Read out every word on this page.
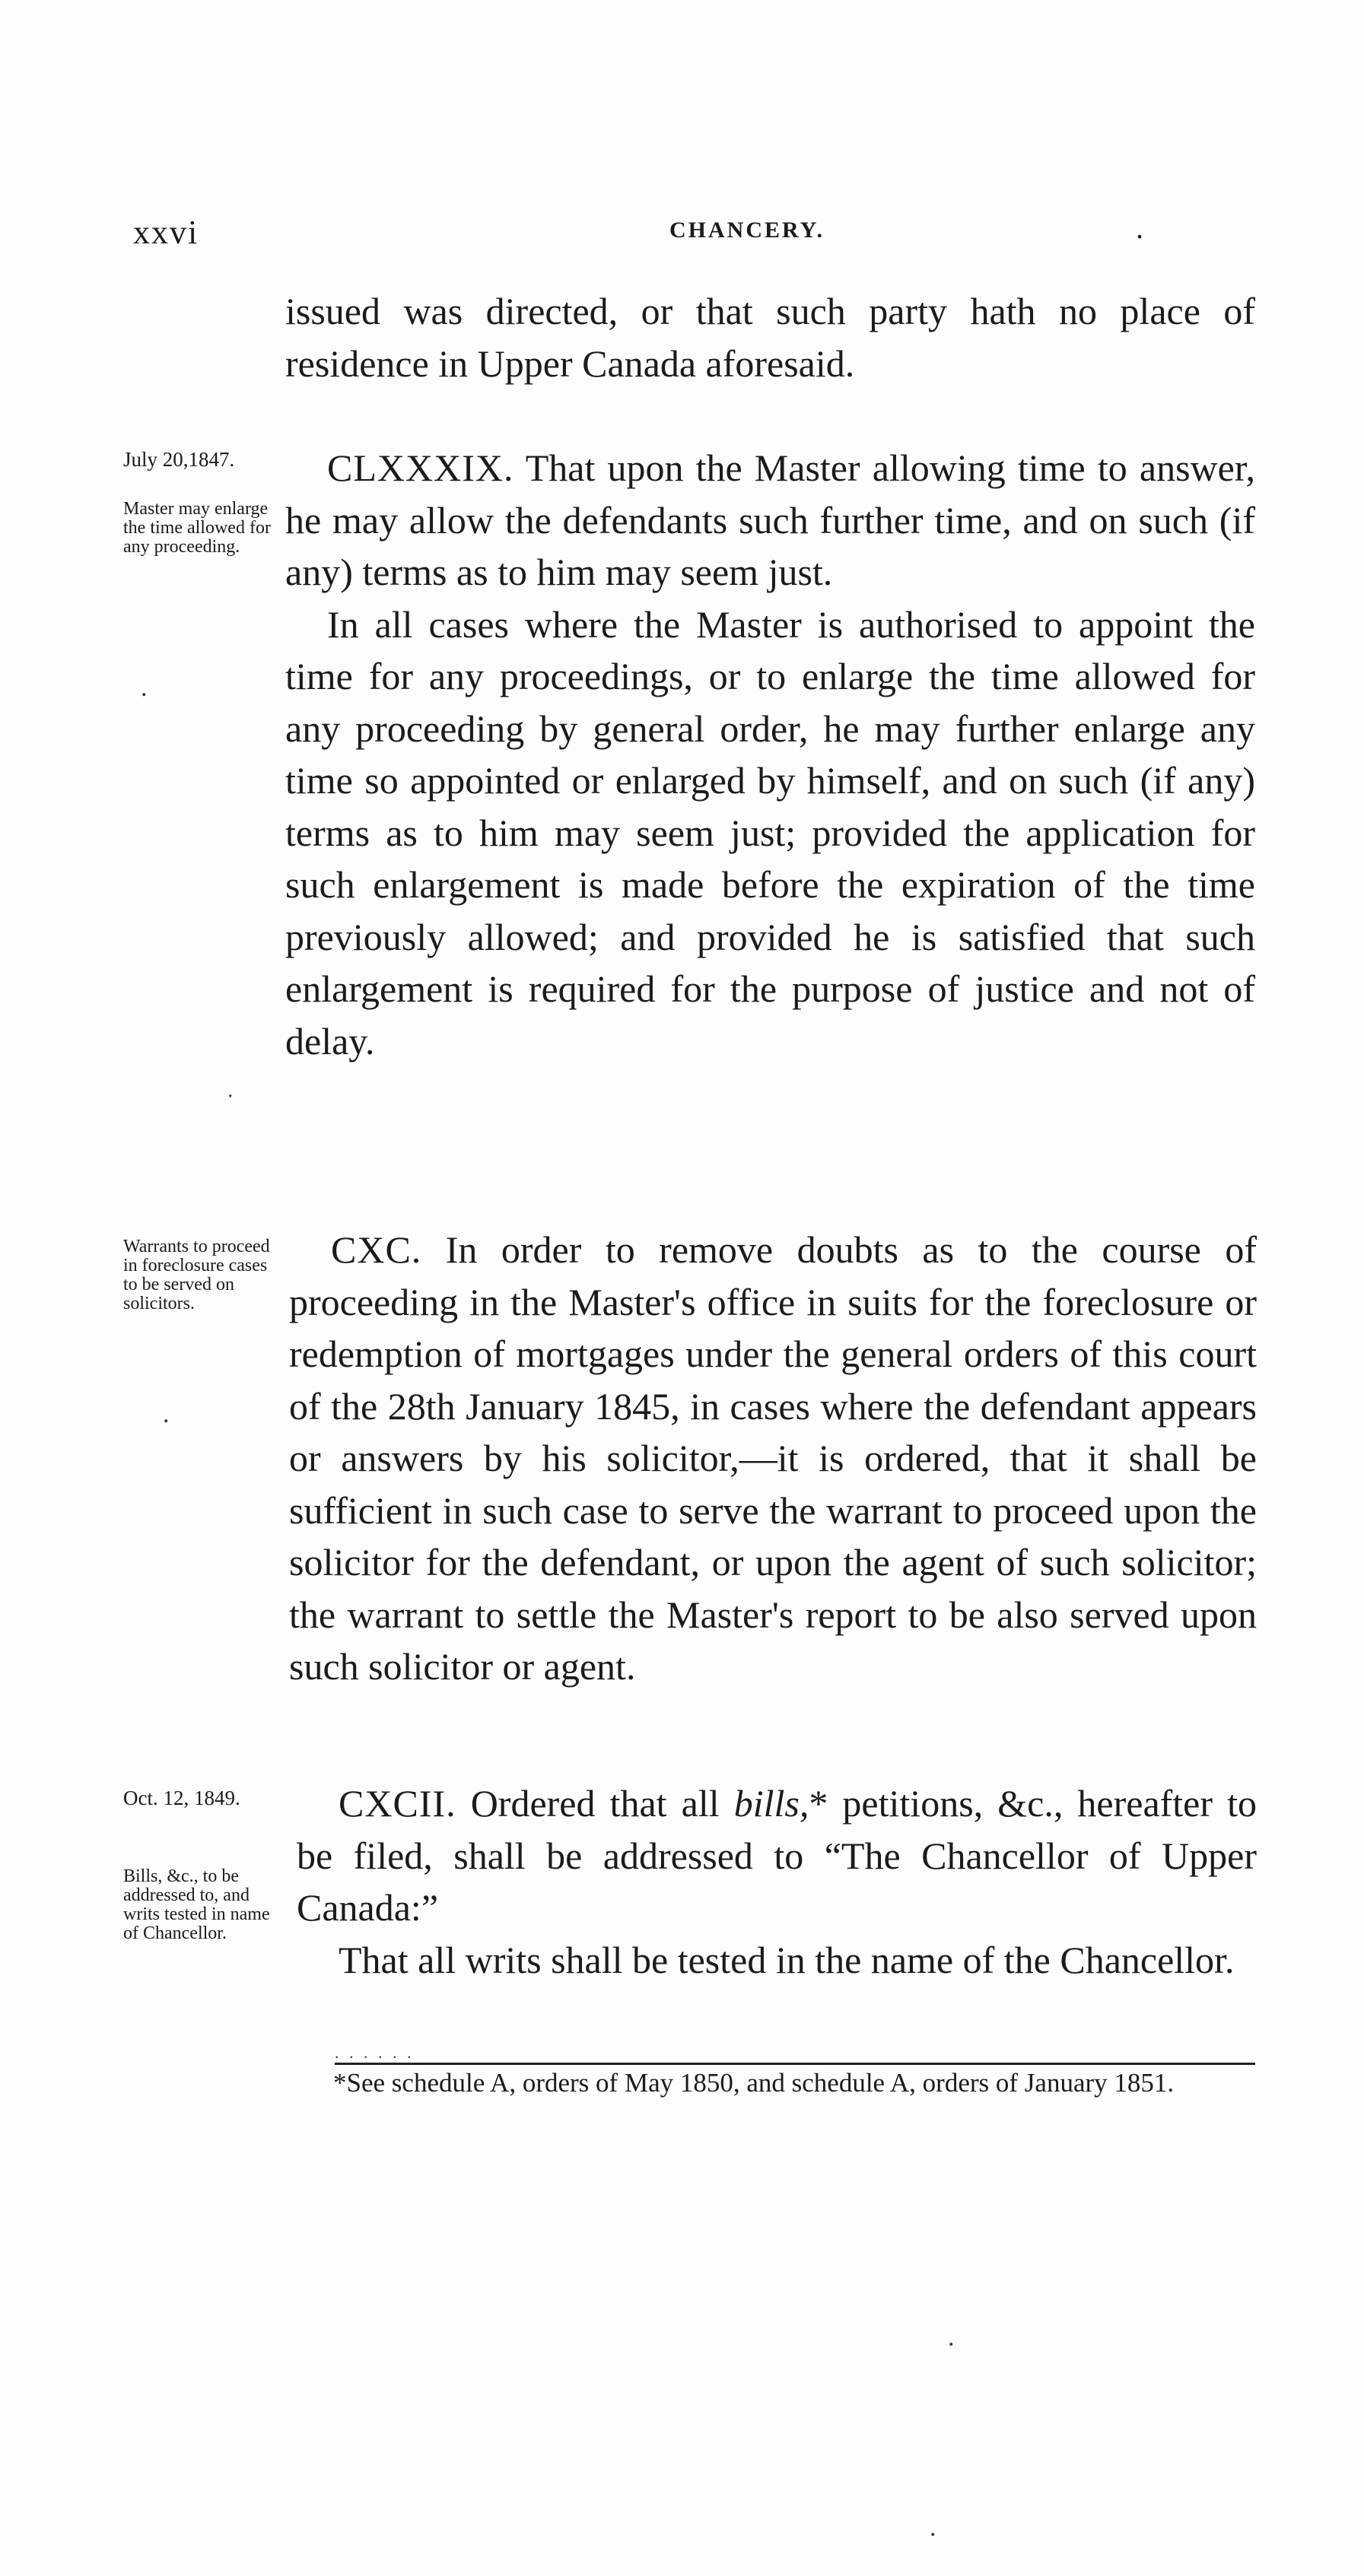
xxvi	CHANCERY.	.

issued was directed, or that such party hath no place of residence in Upper Canada aforesaid.

July 20,1847.
Master may enlarge the time allowed for any proceeding.

CLXXXIX. That upon the Master allowing time to answer, he may allow the defendants such further time, and on such (if any) terms as to him may seem just.

In all cases where the Master is authorised to appoint the time for any proceedings, or to enlarge the time allowed for any proceeding by general order, he may further enlarge any time so appointed or enlarged by himself, and on such (if any) terms as to him may seem just; provided the application for such enlargement is made before the expiration of the time previously allowed; and provided he is satisfied that such enlargement is required for the purpose of justice and not of delay.

.
ˑ
Warrants to proceed in foreclosure cases to be served on solicitors.

CXC. In order to remove doubts as to the course of proceeding in the Master's office in suits for the foreclosure or redemption of mortgages under the general orders of this court of the 28th January 1845, in cases where the defendant appears or answers by his solicitor,—it is ordered, that it shall be sufficient in such case to serve the warrant to proceed upon the solicitor for the defendant, or upon the agent of such solicitor; the warrant to settle the Master's report to be also served upon such solicitor or agent.

.
Oct. 12, 1849.
Bills, &c., to be addressed to, and writs tested in name of Chancellor.

CXCII. Ordered that all bills,* petitions, &c., hereafter to be filed, shall be addressed to “The Chancellor of Upper Canada:”

That all writs shall be tested in the name of the Chancellor.

. . . . . .
*See schedule A, orders of May 1850, and schedule A, orders of January 1851.
.
.
